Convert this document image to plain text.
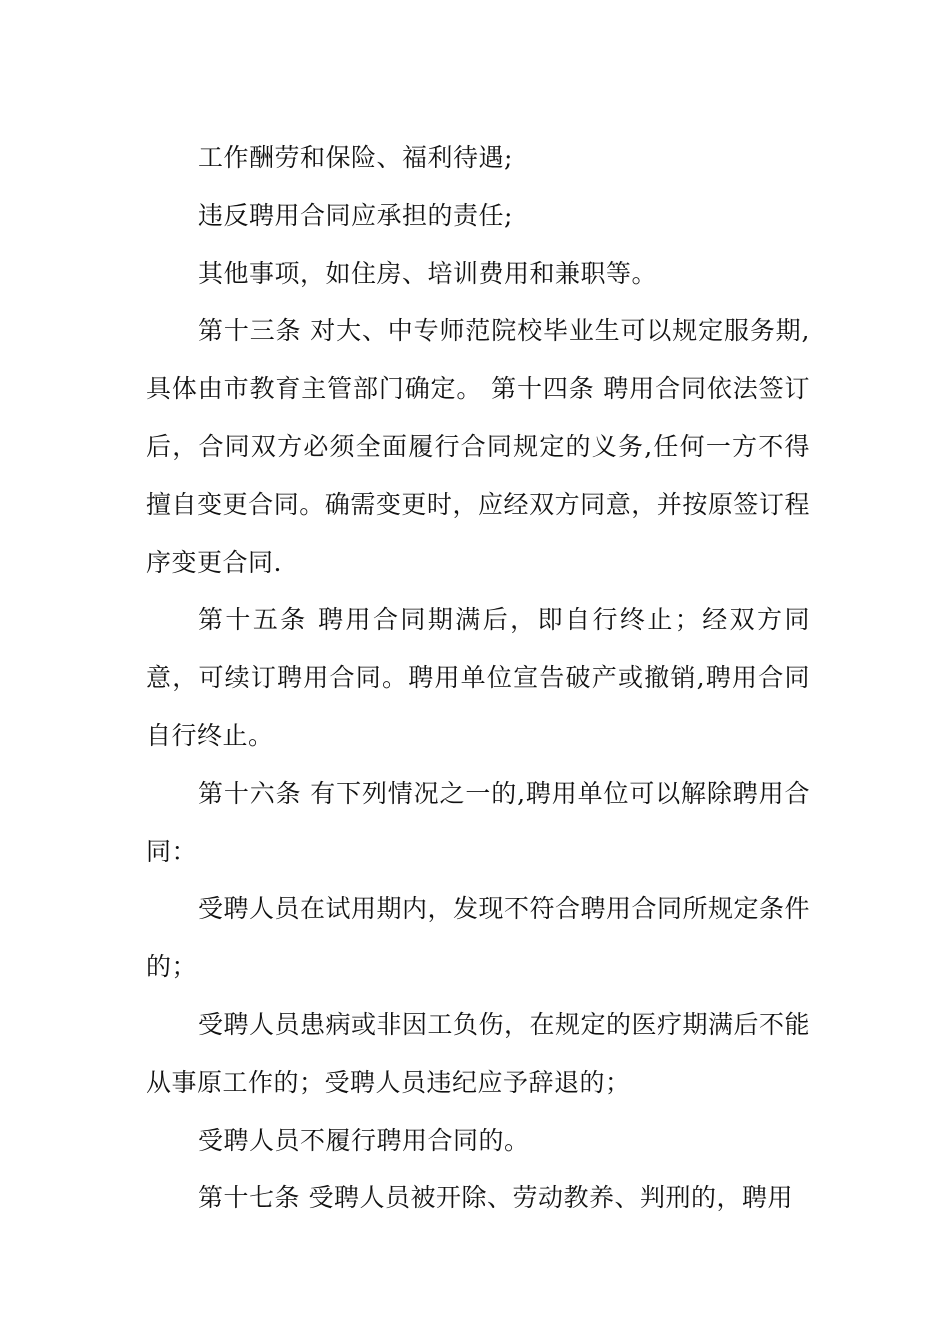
工作酬劳和保险、福利待遇;

违反聘用合同应承担的责任;

其他事项，如住房、培训费用和兼职等。

第十三条 对大、中专师范院校毕业生可以规定服务期,具体由市教育主管部门确定。 第十四条 聘用合同依法签订后，合同双方必须全面履行合同规定的义务,任何一方不得擅自变更合同。确需变更时，应经双方同意，并按原签订程序变更合同.

第十五条 聘用合同期满后，即自行终止；经双方同意，可续订聘用合同。聘用单位宣告破产或撤销,聘用合同自行终止。

第十六条 有下列情况之一的,聘用单位可以解除聘用合同：

受聘人员在试用期内，发现不符合聘用合同所规定条件的；

受聘人员患病或非因工负伤，在规定的医疗期满后不能从事原工作的；受聘人员违纪应予辞退的；

受聘人员不履行聘用合同的。

第十七条 受聘人员被开除、劳动教养、判刑的，聘用
